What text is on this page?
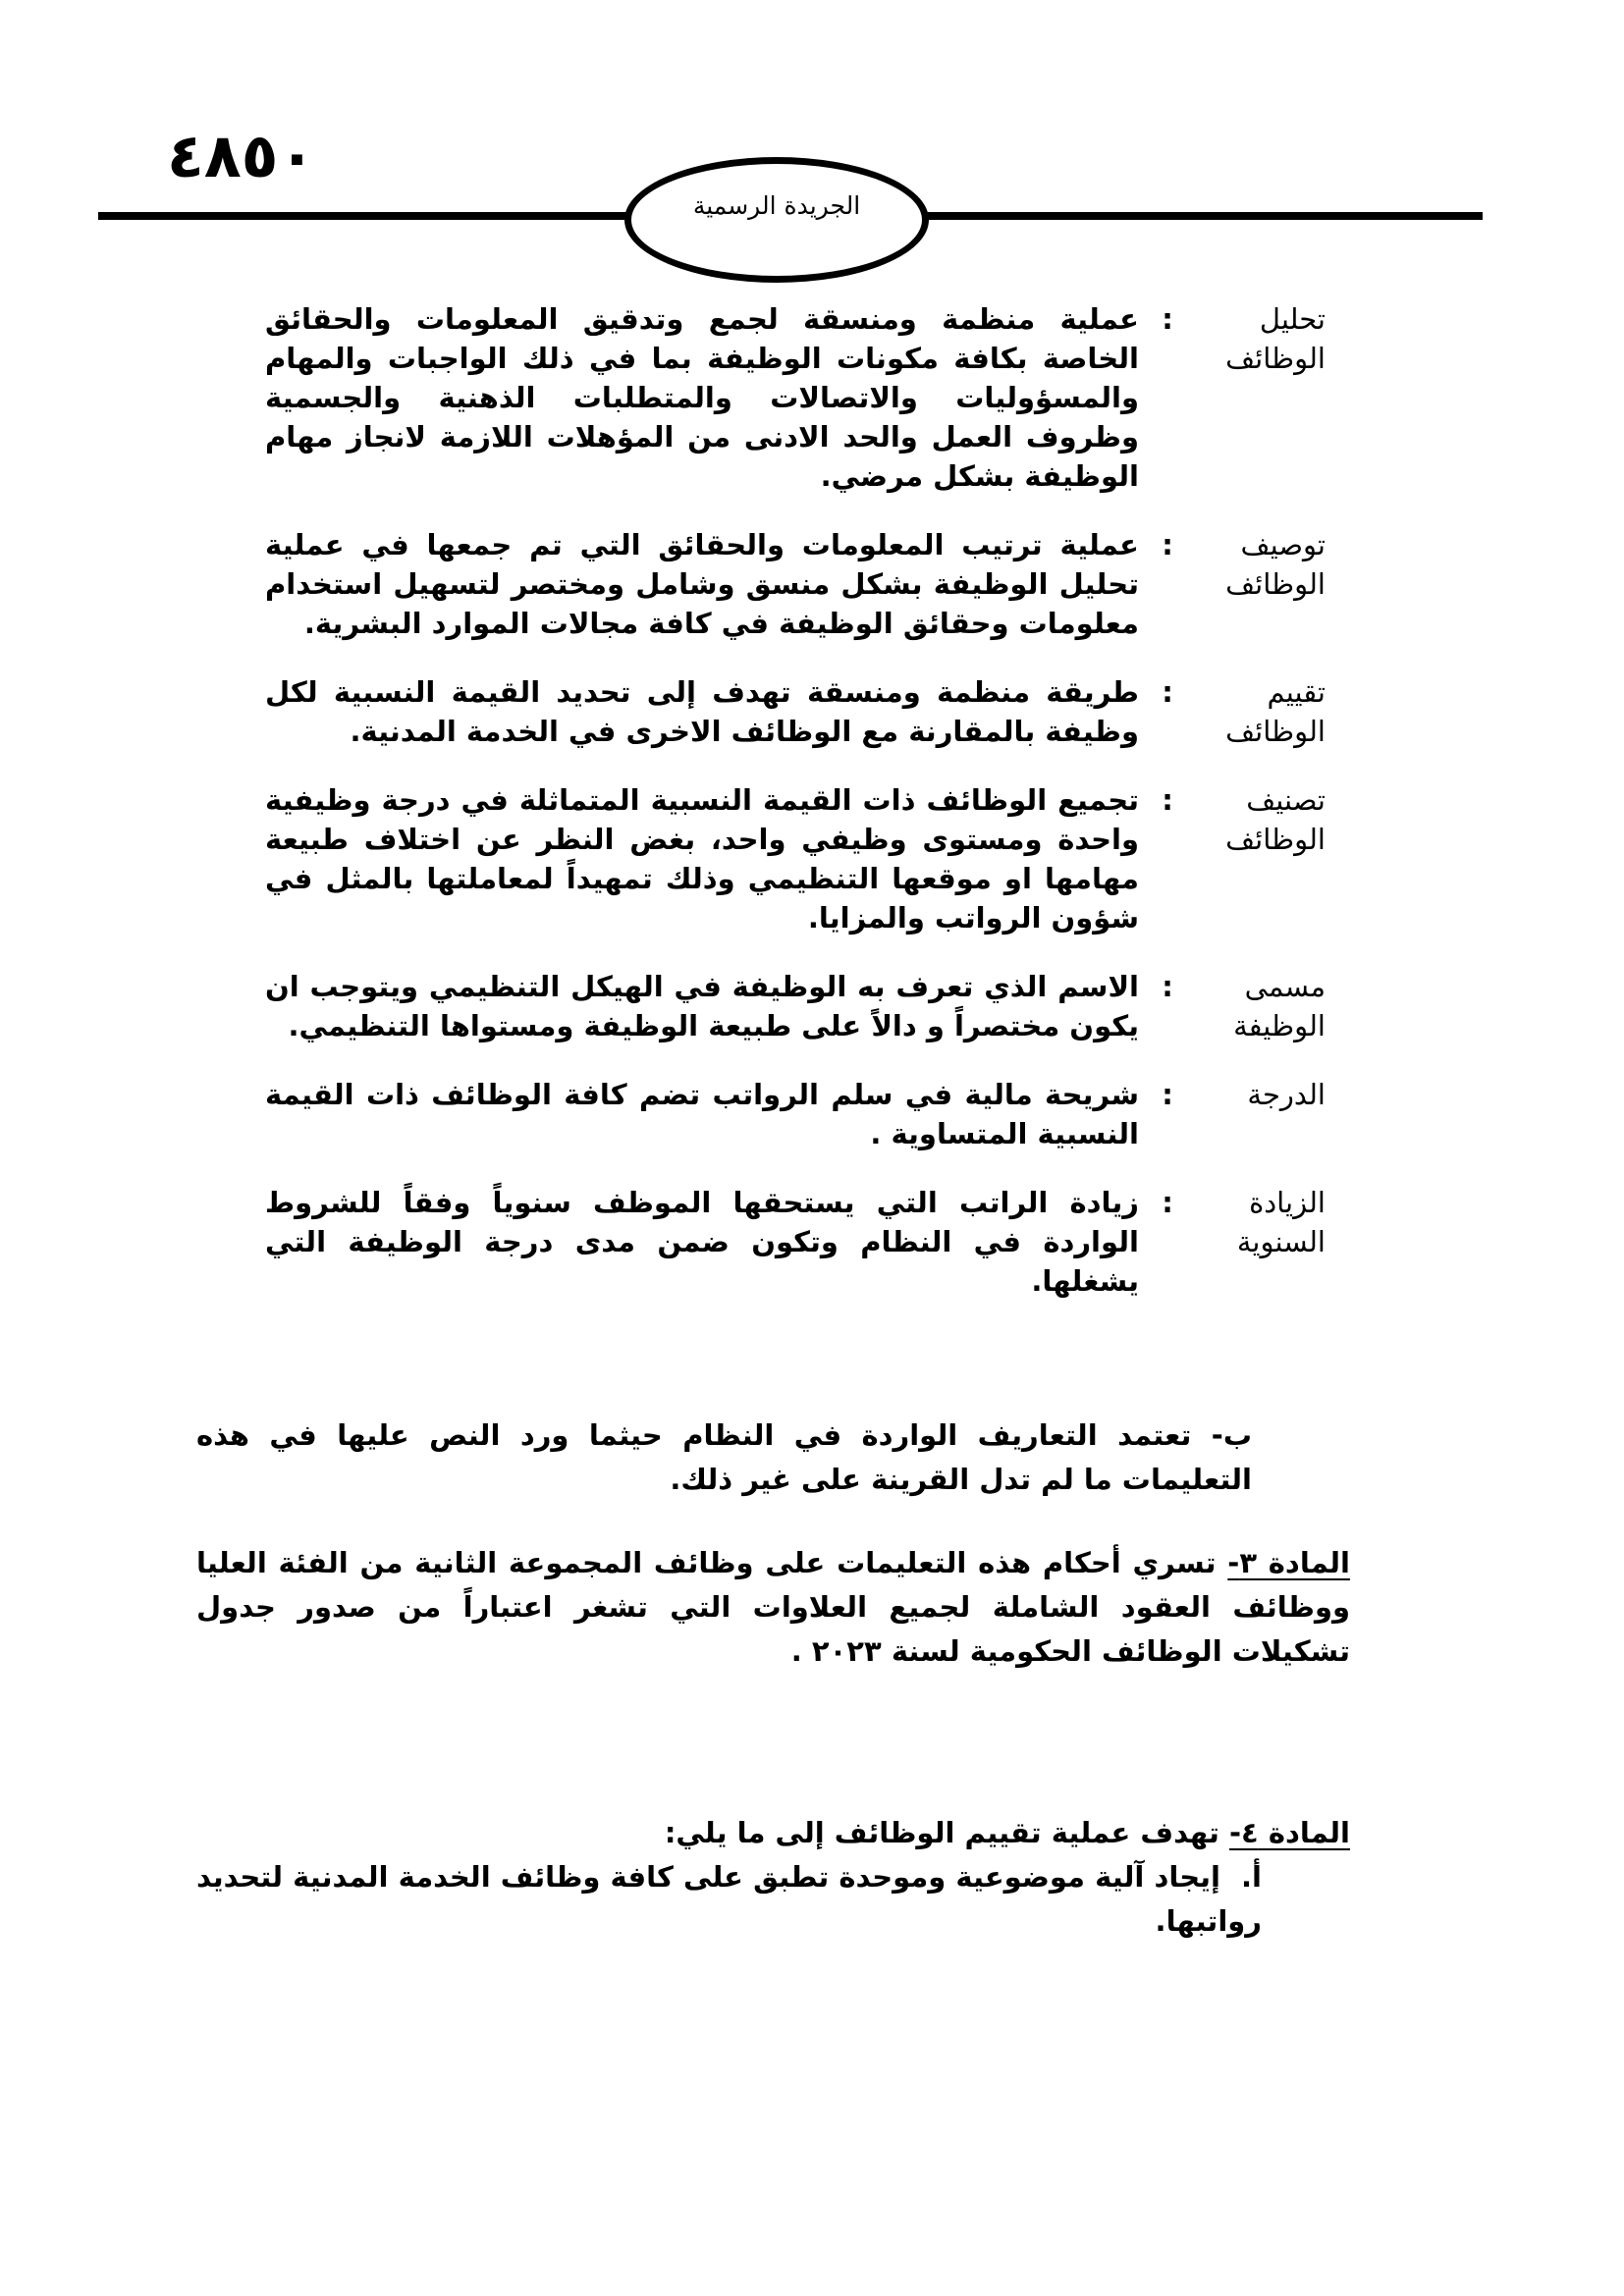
٤٨٥٠
الجريدة الرسمية
تحليل الوظائف
:
عملية منظمة ومنسقة لجمع وتدقيق المعلومات والحقائق الخاصة بكافة مكونات الوظيفة بما في ذلك الواجبات والمهام والمسؤوليات والاتصالات والمتطلبات الذهنية والجسمية وظروف العمل والحد الادنى من المؤهلات اللازمة لانجاز مهام الوظيفة بشكل مرضي.
توصيف الوظائف
:
عملية ترتيب المعلومات والحقائق التي تم جمعها في عملية تحليل الوظيفة بشكل منسق وشامل ومختصر لتسهيل استخدام معلومات وحقائق الوظيفة في كافة مجالات الموارد البشرية.
تقييم الوظائف
:
طريقة منظمة ومنسقة تهدف إلى تحديد القيمة النسبية لكل وظيفة بالمقارنة مع الوظائف الاخرى في الخدمة المدنية.
تصنيف الوظائف
:
تجميع الوظائف ذات القيمة النسبية المتماثلة في درجة وظيفية واحدة ومستوى وظيفي واحد، بغض النظر عن اختلاف طبيعة مهامها او موقعها التنظيمي وذلك تمهيداً لمعاملتها بالمثل في شؤون الرواتب والمزايا.
مسمى الوظيفة
:
الاسم الذي تعرف به الوظيفة في الهيكل التنظيمي ويتوجب ان يكون مختصراً و دالاً على طبيعة الوظيفة ومستواها التنظيمي.
الدرجة
:
شريحة مالية في سلم الرواتب تضم كافة الوظائف ذات القيمة النسبية المتساوية .
الزيادة السنوية
:
زيادة الراتب التي يستحقها الموظف سنوياً وفقاً للشروط الواردة في النظام وتكون ضمن مدى درجة الوظيفة التي يشغلها.
ب- تعتمد التعاريف الواردة في النظام حيثما ورد النص عليها في هذه التعليمات ما لم تدل القرينة على غير ذلك.
المادة ٣- تسري أحكام هذه التعليمات على وظائف المجموعة الثانية من الفئة العليا ووظائف العقود الشاملة لجميع العلاوات التي تشغر اعتباراً من صدور جدول تشكيلات الوظائف الحكومية لسنة ٢٠٢٣ .
المادة ٤- تهدف عملية تقييم الوظائف إلى ما يلي:
أ.إيجاد آلية موضوعية وموحدة تطبق على كافة وظائف الخدمة المدنية لتحديد رواتبها.
